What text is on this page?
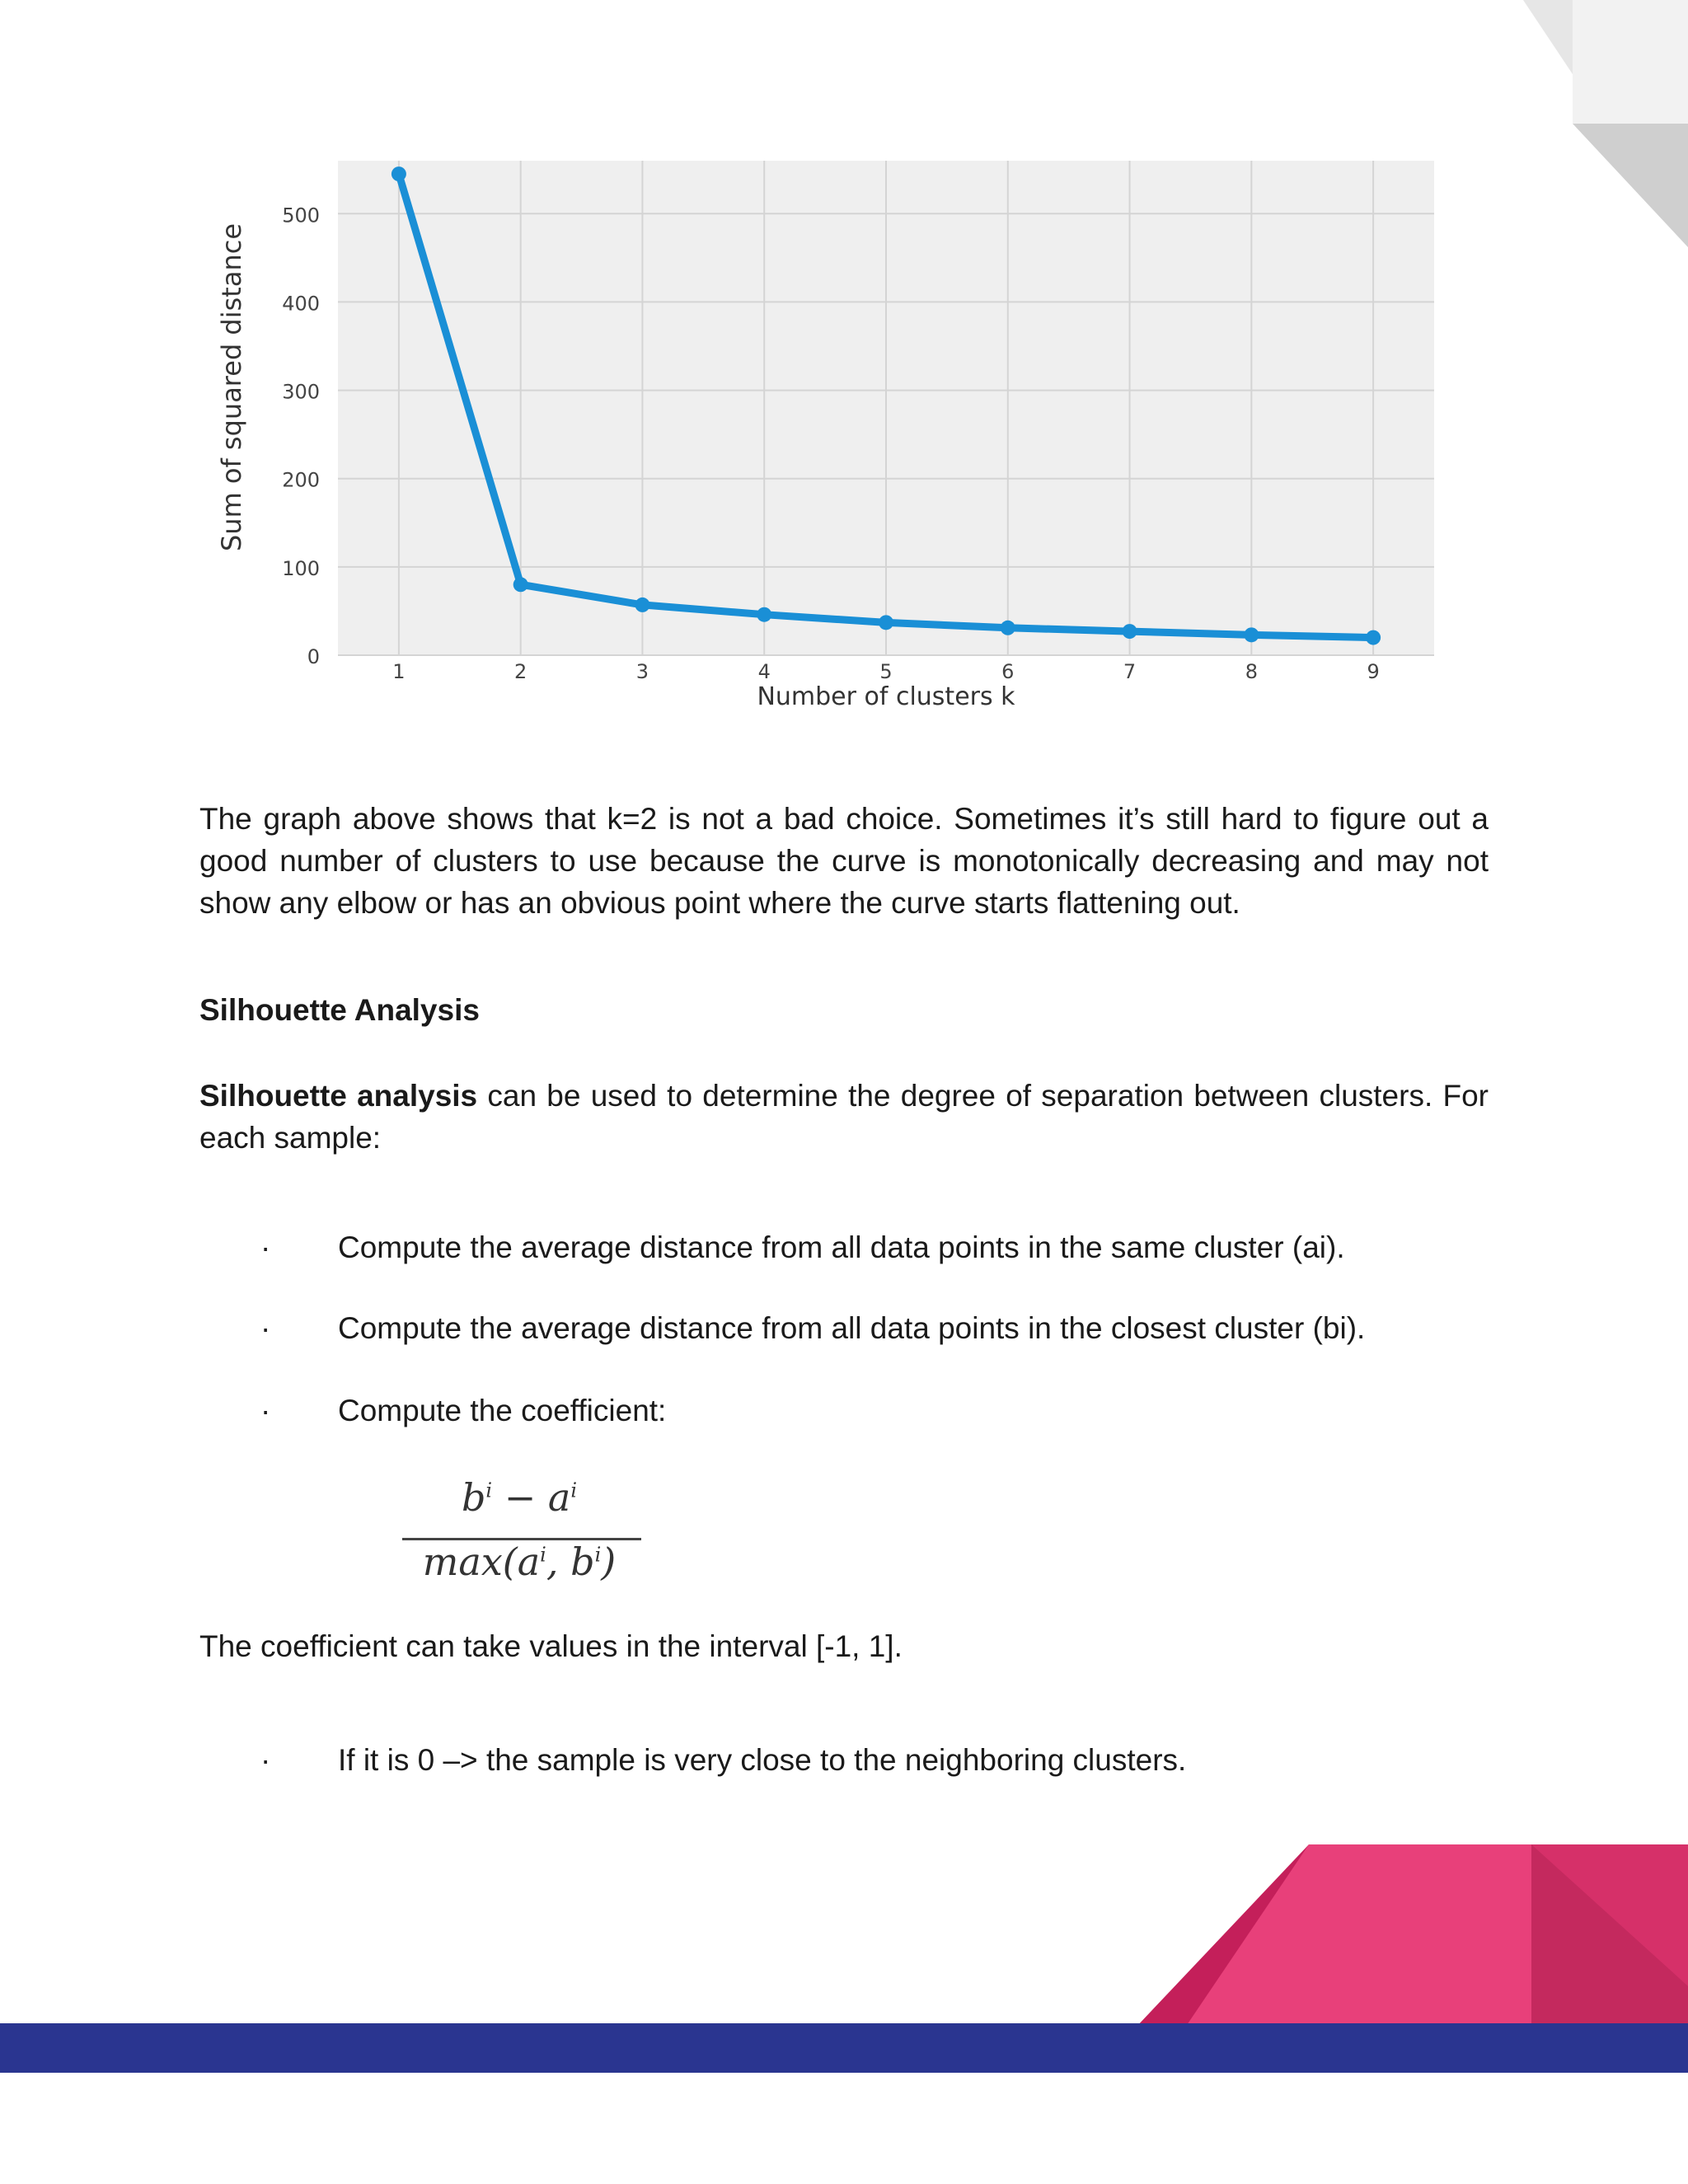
Sum of squared distance
0
100
200
300
400
500
1	2	3	4	5	6	7	8	9
Number of clusters k
The graph above shows that k=2 is not a bad choice. Sometimes it’s still hard to figure out a good number of clusters to use because the curve is monotonically decreasing and may not show any elbow or has an obvious point where the curve starts flattening out.
Silhouette Analysis
Silhouette analysis can be used to determine the degree of separation between clusters. For each sample:
· Compute the average distance from all data points in the same cluster (ai).
· Compute the average distance from all data points in the closest cluster (bi).
· Compute the coefficient:
$b^i - a^i$
$\max(a^i$, $b^i$)
The coefficient can take values in the interval [-1, 1].
· If it is 0 –> the sample is very close to the neighboring clusters.
